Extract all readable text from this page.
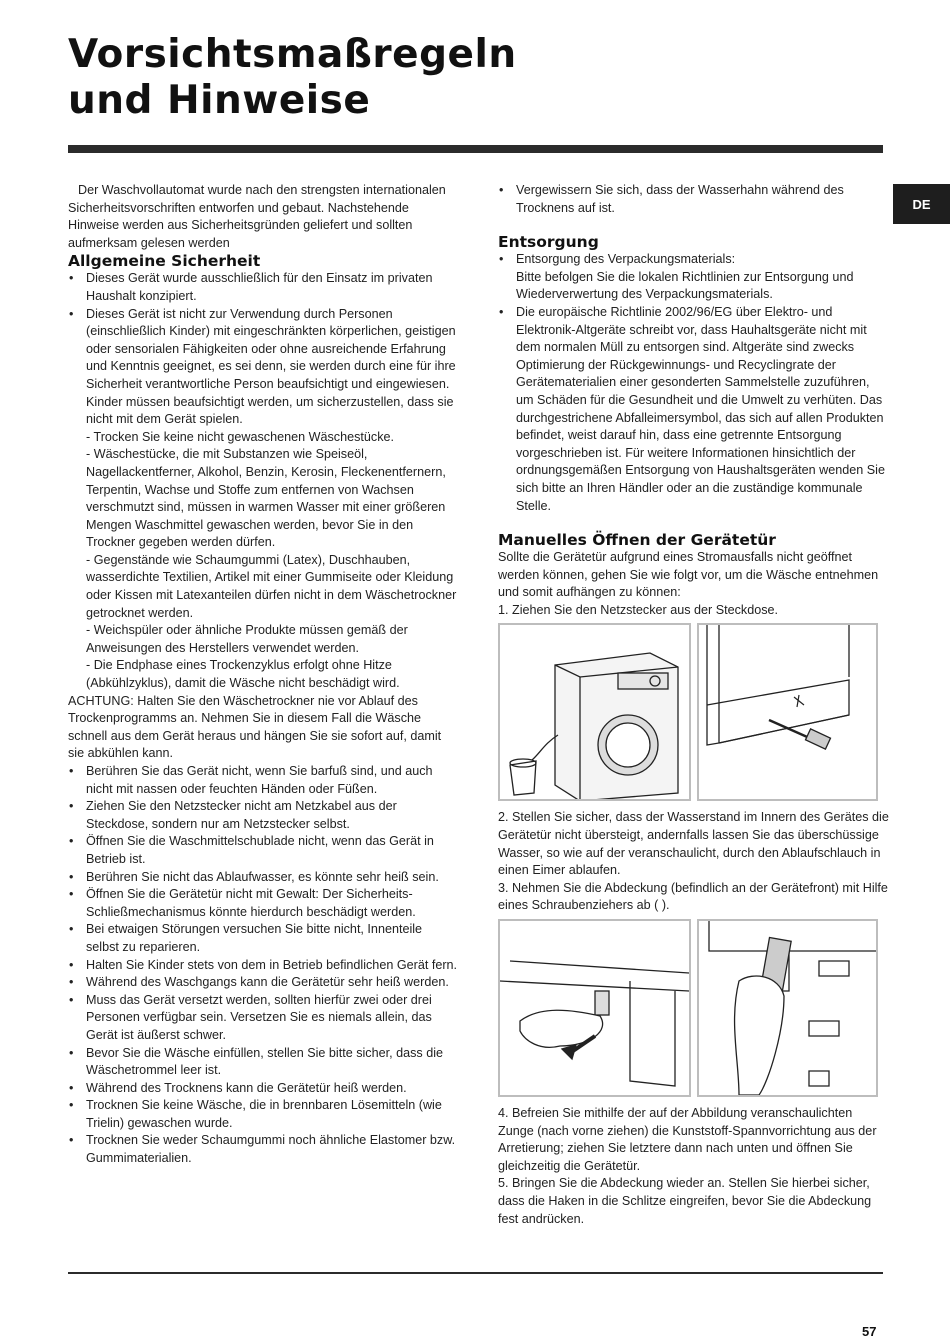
Vorsichtsmaßregeln
und Hinweise
DE

Der Waschvollautomat wurde nach den strengsten internationalen Sicherheitsvorschriften entworfen und gebaut. Nachstehende Hinweise werden aus Sicherheitsgründen geliefert und sollten aufmerksam gelesen werden

Allgemeine Sicherheit

• Dieses Gerät wurde ausschließlich für den Einsatz im privaten Haushalt konzipiert.

• Dieses Gerät ist nicht zur Verwendung durch Personen (einschließlich Kinder) mit eingeschränkten körperlichen, geistigen oder sensorialen Fähigkeiten oder ohne ausreichende Erfahrung und Kenntnis geeignet, es sei denn, sie werden durch eine für ihre Sicherheit verantwortliche Person beaufsichtigt und eingewiesen. Kinder müssen beaufsichtigt werden, um sicherzustellen, dass sie nicht mit dem Gerät spielen.

- Trocken Sie keine nicht gewaschenen Wäschestücke.

- Wäschestücke, die mit Substanzen wie Speiseöl, Nagellackentferner, Alkohol, Benzin, Kerosin, Fleckenentfernern, Terpentin, Wachse und Stoffe zum entfernen von Wachsen verschmutzt sind, müssen in warmen Wasser mit einer größeren Mengen Waschmittel gewaschen werden, bevor Sie in den Trockner gegeben werden dürfen.

- Gegenstände wie Schaumgummi (Latex), Duschhauben, wasserdichte Textilien, Artikel mit einer Gummiseite oder Kleidung oder Kissen mit Latexanteilen dürfen nicht in dem Wäschetrockner getrocknet werden.

- Weichspüler oder ähnliche Produkte müssen gemäß der Anweisungen des Herstellers verwendet werden.

- Die Endphase eines Trockenzyklus erfolgt ohne Hitze (Abkühlzyklus), damit die Wäsche nicht beschädigt wird.

ACHTUNG: Halten Sie den Wäschetrockner nie vor Ablauf des Trockenprogramms an. Nehmen Sie in diesem Fall die Wäsche schnell aus dem Gerät heraus und hängen Sie sie sofort auf, damit sie abkühlen kann.

• Berühren Sie das Gerät nicht, wenn Sie barfuß sind, und auch nicht mit nassen oder feuchten Händen oder Füßen.

• Ziehen Sie den Netzstecker nicht am Netzkabel aus der Steckdose, sondern nur am Netzstecker selbst.

• Öffnen Sie die Waschmittelschublade nicht, wenn das Gerät in Betrieb ist.

• Berühren Sie nicht das Ablaufwasser, es könnte sehr heiß sein.

• Öffnen Sie die Gerätetür nicht mit Gewalt: Der Sicherheits-Schließmechanismus könnte hierdurch beschädigt werden.

• Bei etwaigen Störungen versuchen Sie bitte nicht, Innenteile selbst zu reparieren.

• Halten Sie Kinder stets von dem in Betrieb befindlichen Gerät fern.

• Während des Waschgangs kann die Gerätetür sehr heiß werden.

• Muss das Gerät versetzt werden, sollten hierfür zwei oder drei Personen verfügbar sein. Versetzen Sie es niemals allein, das Gerät ist äußerst schwer.

• Bevor Sie die Wäsche einfüllen, stellen Sie bitte sicher, dass die Wäschetrommel leer ist.

• Während des Trocknens kann die Gerätetür heiß werden.

• Trocknen Sie keine Wäsche, die in brennbaren Lösemitteln (wie Trielin) gewaschen wurde.

• Trocknen Sie weder Schaumgummi noch ähnliche Elastomer bzw. Gummimaterialien.

• Vergewissern Sie sich, dass der Wasserhahn während des Trocknens auf ist.

Entsorgung

• Entsorgung des Verpackungsmaterials:

Bitte befolgen Sie die lokalen Richtlinien zur Entsorgung und Wiederverwertung des Verpackungsmaterials.

• Die europäische Richtlinie 2002/96/EG über Elektro- und Elektronik-Altgeräte schreibt vor, dass Hauhaltsgeräte nicht mit dem normalen Müll zu entsorgen sind. Altgeräte sind zwecks Optimierung der Rückgewinnungs- und Recyclingrate der Gerätematerialien einer gesonderten Sammelstelle zuzuführen, um Schäden für die Gesundheit und die Umwelt zu verhüten. Das durchgestrichene Abfalleimersymbol, das sich auf allen Produkten befindet, weist darauf hin, dass eine getrennte Entsorgung vorgeschrieben ist. Für weitere Informationen hinsichtlich der ordnungsgemäßen Entsorgung von Haushaltsgeräten wenden Sie sich bitte an Ihren Händler oder an die zuständige kommunale Stelle.

Manuelles Öffnen der Gerätetür

Sollte die Gerätetür aufgrund eines Stromausfalls nicht geöffnet werden können, gehen Sie wie folgt vor, um die Wäsche entnehmen und somit aufhängen zu können:

1. Ziehen Sie den Netzstecker aus der Steckdose.

2. Stellen Sie sicher, dass der Wasserstand im Innern des Gerätes die Gerätetür nicht übersteigt, andernfalls lassen Sie das überschüssige Wasser, so wie auf der veranschaulicht, durch den Ablaufschlauch in einen Eimer ablaufen.

3. Nehmen Sie die Abdeckung (befindlich an der Gerätefront) mit Hilfe eines Schraubenziehers ab ( ).

4. Befreien Sie mithilfe der auf der Abbildung veranschaulichten Zunge (nach vorne ziehen) die Kunststoff-Spannvorrichtung aus der Arretierung; ziehen Sie letztere dann nach unten und öffnen Sie gleichzeitig die Gerätetür.

5. Bringen Sie die Abdeckung wieder an. Stellen Sie hierbei sicher, dass die Haken in die Schlitze eingreifen, bevor Sie die Abdeckung fest andrücken.

57
